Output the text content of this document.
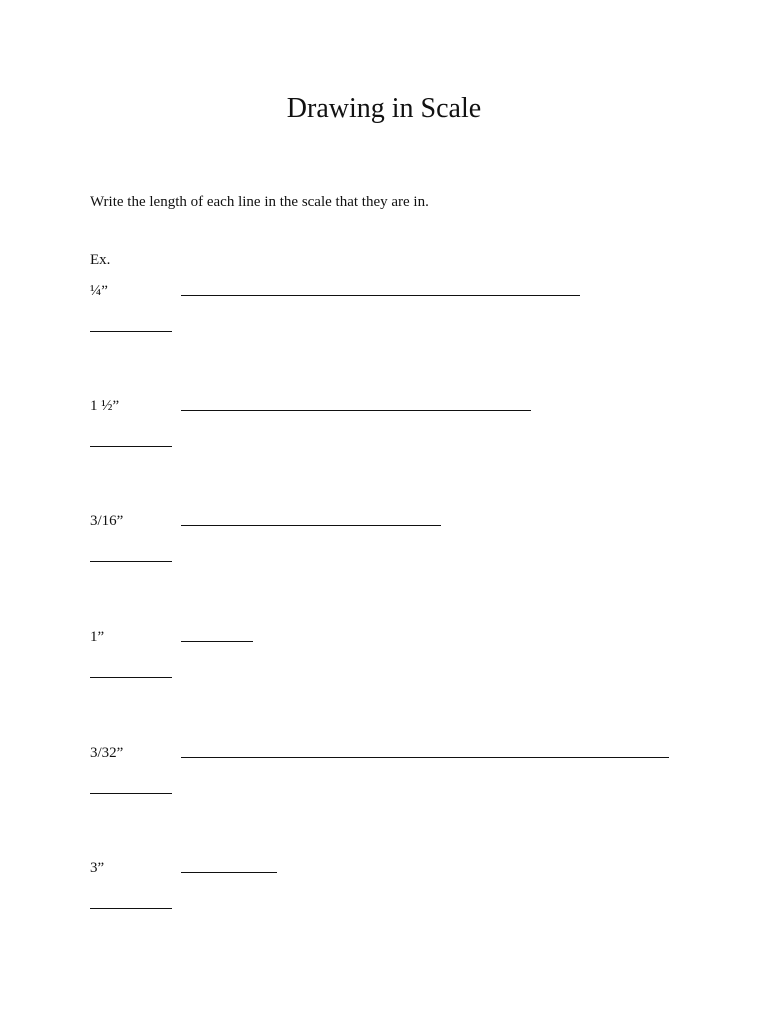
Drawing in Scale
Write the length of each line in the scale that they are in.
Ex.
¼”
1 ½”
3/16”
1”
3/32”
3”
